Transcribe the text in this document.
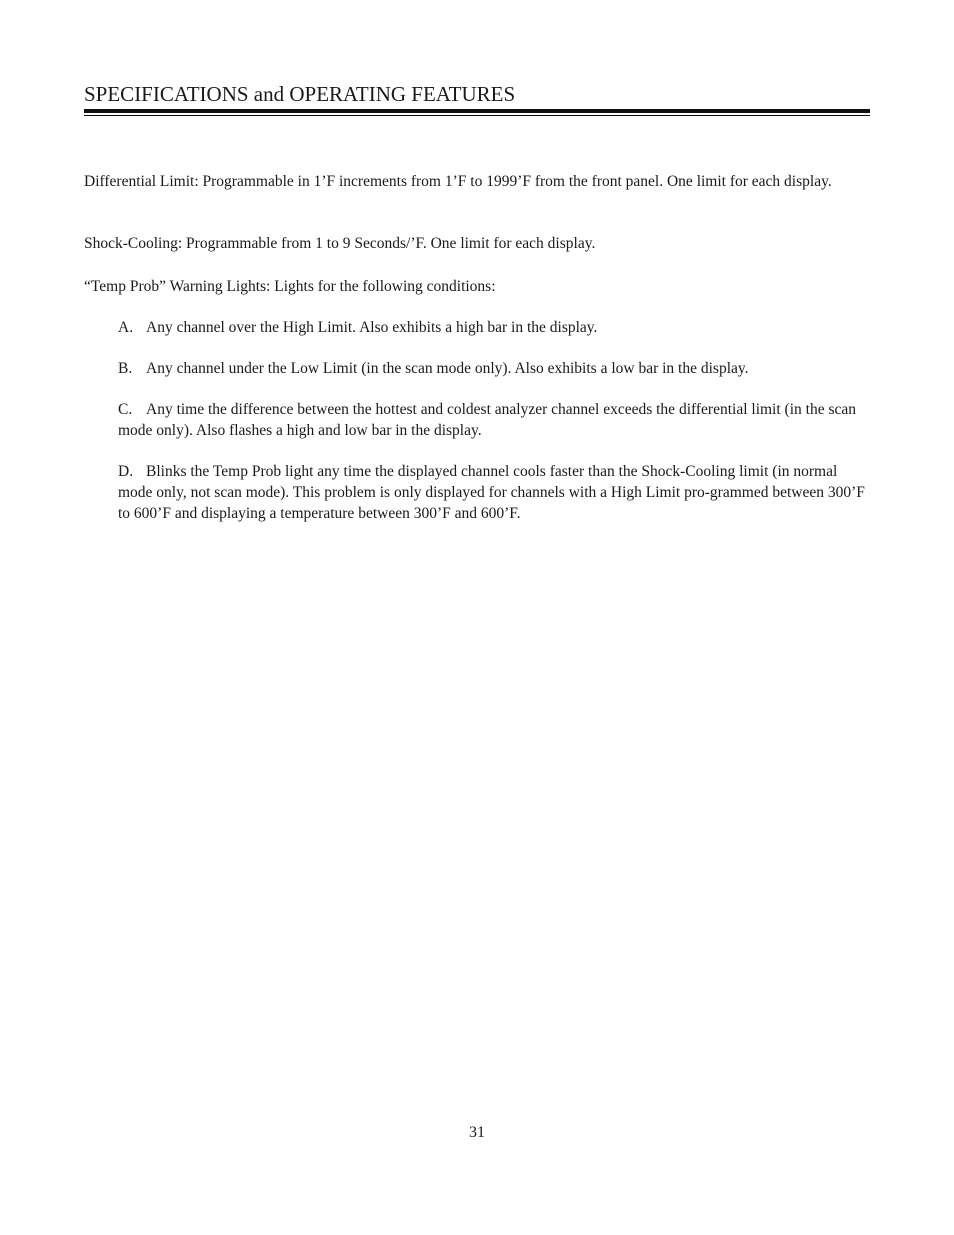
SPECIFICATIONS and OPERATING FEATURES

Differential Limit: Programmable in 1’F increments from 1’F to 1999’F from the front panel. One limit for each display.

Shock-Cooling: Programmable from 1 to 9 Seconds/’F. One limit for each display.

“Temp Prob” Warning Lights: Lights for the following conditions:

A. Any channel over the High Limit. Also exhibits a high bar in the display.

B. Any channel under the Low Limit (in the scan mode only). Also exhibits a low bar in the display.

C. Any time the difference between the hottest and coldest analyzer channel exceeds the differential limit (in the scan mode only). Also flashes a high and low bar in the display.

D. Blinks the Temp Prob light any time the displayed channel cools faster than the Shock-Cooling limit (in normal mode only, not scan mode). This problem is only displayed for channels with a High Limit pro-grammed between 300’F to 600’F and displaying a temperature between 300’F and 600’F.

31
